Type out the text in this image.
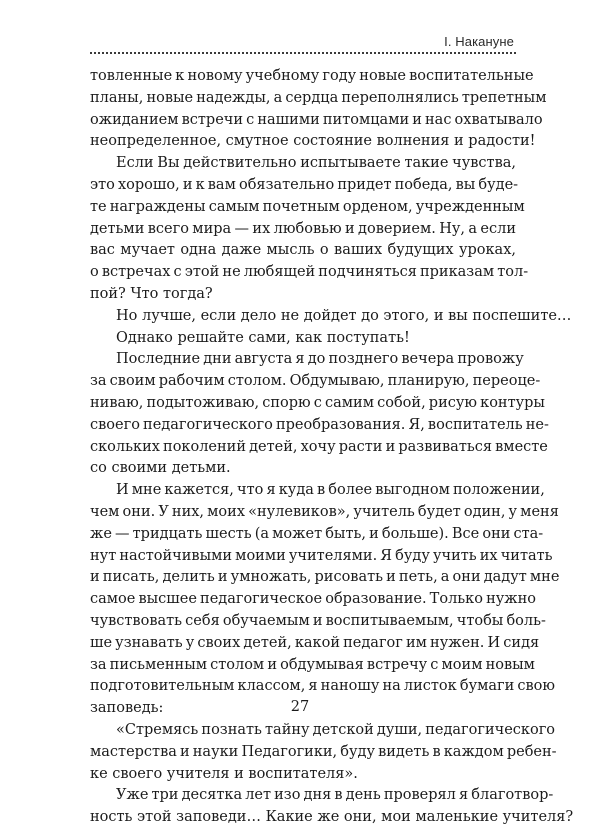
I. Накануне
товленные к новому учебному году новые воспитательные
планы, новые надежды, а сердца переполнялись трепетным
ожиданием встречи с нашими питомцами и нас охватывало
неопределенное, смутное состояние волнения и радости!
Если Вы действительно испытываете такие чувства,
это хорошо, и к вам обязательно придет победа, вы буде-
те награждены самым почетным орденом, учрежденным
детьми всего мира — их любовью и доверием. Ну, а если
вас мучает одна даже мысль о ваших будущих уроках,
о встречах с этой не любящей подчиняться приказам тол-
пой? Что тогда?
Но лучше, если дело не дойдет до этого, и вы поспешите…
Однако решайте сами, как поступать!
Последние дни августа я до позднего вечера провожу
за своим рабочим столом. Обдумываю, планирую, переоце-
ниваю, подытоживаю, спорю с самим собой, рисую контуры
своего педагогического преобразования. Я, воспитатель не-
скольких поколений детей, хочу расти и развиваться вместе
со своими детьми.
И мне кажется, что я куда в более выгодном положении,
чем они. У них, моих «нулевиков», учитель будет один, у меня
же — тридцать шесть (а может быть, и больше). Все они ста-
нут настойчивыми моими учителями. Я буду учить их читать
и писать, делить и умножать, рисовать и петь, а они дадут мне
самое высшее педагогическое образование. Только нужно
чувствовать себя обучаемым и воспитываемым, чтобы боль-
ше узнавать у своих детей, какой педагог им нужен. И сидя
за письменным столом и обдумывая встречу с моим новым
подготовительным классом, я наношу на листок бумаги свою
заповедь:
«Стремясь познать тайну детской души, педагогического
мастерства и науки Педагогики, буду видеть в каждом ребен-
ке своего учителя и воспитателя».
Уже три десятка лет изо дня в день проверял я благотвор-
ность этой заповеди… Какие же они, мои маленькие учителя?
27
